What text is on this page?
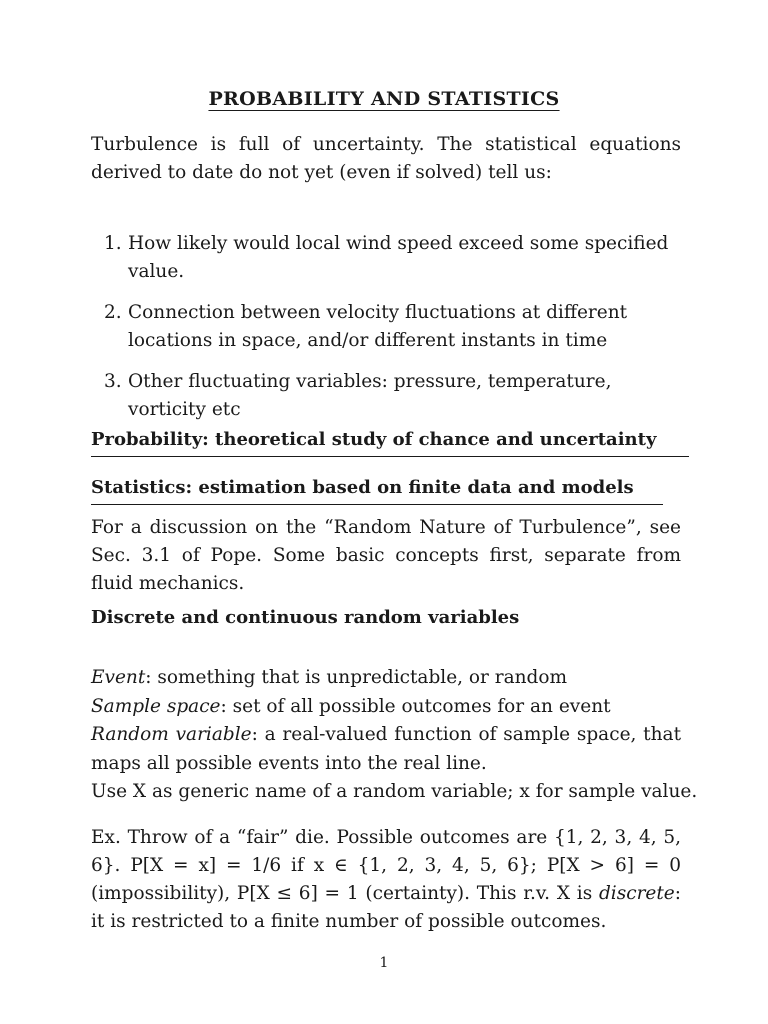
PROBABILITY AND STATISTICS

Turbulence is full of uncertainty. The statistical equations derived to date do not yet (even if solved) tell us:

1. How likely would local wind speed exceed some specified value.
2. Connection between velocity fluctuations at different locations in space, and/or different instants in time
3. Other fluctuating variables: pressure, temperature, vorticity etc
Probability: theoretical study of chance and uncertainty
Statistics: estimation based on finite data and models

For a discussion on the “Random Nature of Turbulence”, see Sec. 3.1 of Pope. Some basic concepts first, separate from fluid mechanics.

Discrete and continuous random variables
Event: something that is unpredictable, or random
Sample space: set of all possible outcomes for an event
Random variable: a real-valued function of sample space, that maps all possible events into the real line.
Use X as generic name of a random variable; x for sample value.

Ex. Throw of a “fair” die. Possible outcomes are {1, 2, 3, 4, 5, 6}. P[X = x] = 1/6 if x ∈ {1, 2, 3, 4, 5, 6}; P[X > 6] = 0 (impossibility), P[X ≤ 6] = 1 (certainty). This r.v. X is discrete: it is restricted to a finite number of possible outcomes.

1
